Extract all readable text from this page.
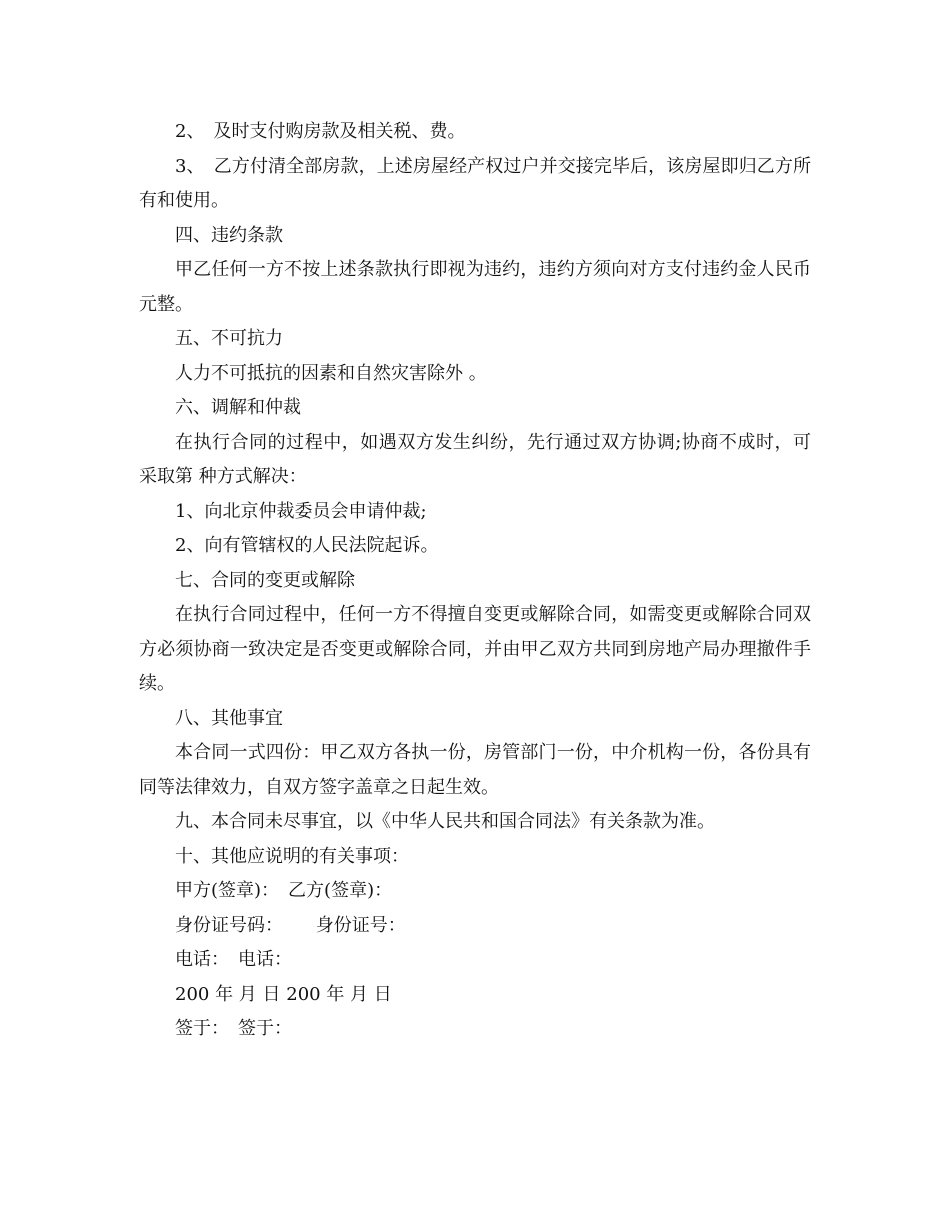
2、　及时支付购房款及相关税、费。

3、　乙方付清全部房款，上述房屋经产权过户并交接完毕后，该房屋即归乙方所有和使用。

四、违约条款

甲乙任何一方不按上述条款执行即视为违约，违约方须向对方支付违约金人民币 元整。

五、不可抗力

人力不可抵抗的因素和自然灾害除外 。

六、调解和仲裁

在执行合同的过程中，如遇双方发生纠纷，先行通过双方协调;协商不成时，可采取第 种方式解决：

1、向北京仲裁委员会申请仲裁;

2、向有管辖权的人民法院起诉。

七、合同的变更或解除

在执行合同过程中，任何一方不得擅自变更或解除合同，如需变更或解除合同双方必须协商一致决定是否变更或解除合同，并由甲乙双方共同到房地产局办理撤件手续。

八、其他事宜

本合同一式四份：甲乙双方各执一份，房管部门一份，中介机构一份，各份具有同等法律效力，自双方签字盖章之日起生效。

九、本合同未尽事宜，以《中华人民共和国合同法》有关条款为准。

十、其他应说明的有关事项：

甲方(签章)：　乙方(签章)：

身份证号码：　　 身份证号：

电话：　电话：

200 年 月 日 200 年 月 日

签于：　签于：
